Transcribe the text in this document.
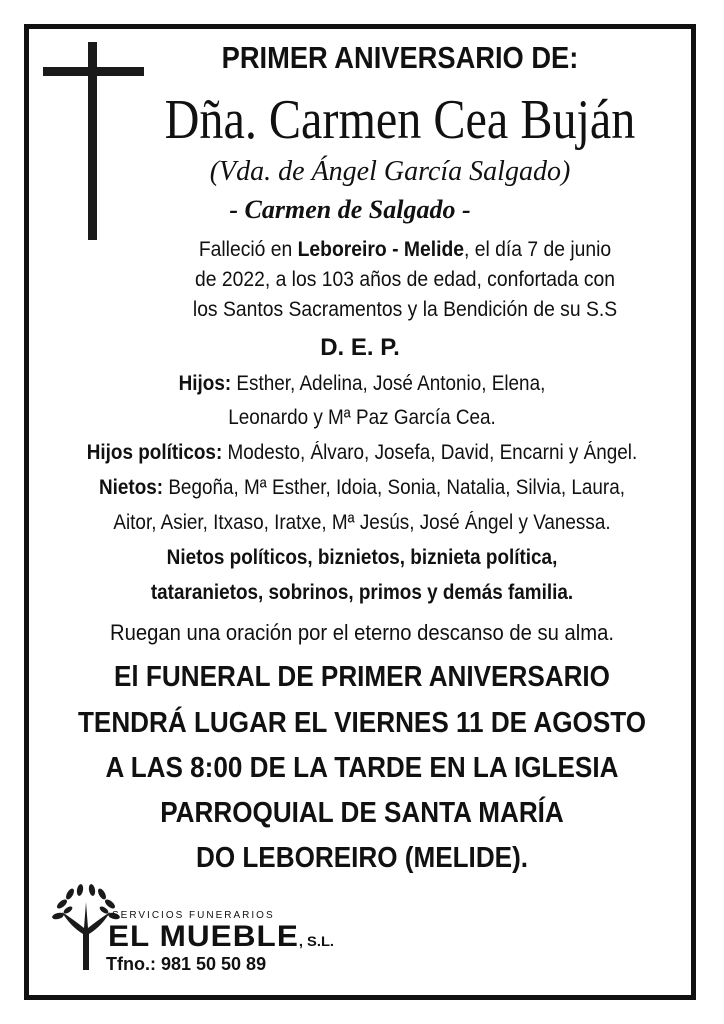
PRIMER ANIVERSARIO DE:
Dña. Carmen Cea Buján
(Vda. de Ángel García Salgado)
- Carmen de Salgado -
Falleció en Leboreiro - Melide, el día 7 de junio
de 2022, a los 103 años de edad, confortada con
los Santos Sacramentos y la Bendición de su S.S
D. E. P.
Hijos: Esther, Adelina, José Antonio, Elena,
Leonardo y Mª Paz García Cea.
Hijos políticos: Modesto, Álvaro, Josefa, David, Encarni y Ángel.
Nietos: Begoña, Mª Esther, Idoia, Sonia, Natalia, Silvia, Laura,
Aitor, Asier, Itxaso, Iratxe, Mª Jesús, José Ángel y Vanessa.
Nietos políticos, biznietos, biznieta política,
tataranietos, sobrinos, primos y demás familia.
Ruegan una oración por el eterno descanso de su alma.
El FUNERAL DE PRIMER ANIVERSARIO
TENDRÁ LUGAR EL VIERNES 11 DE AGOSTO
A LAS 8:00 DE LA TARDE EN LA IGLESIA
PARROQUIAL DE SANTA MARÍA
DO LEBOREIRO (MELIDE).
SERVICIOS FUNERARIOS
EL MUEBLE, S.L.
Tfno.: 981 50 50 89
